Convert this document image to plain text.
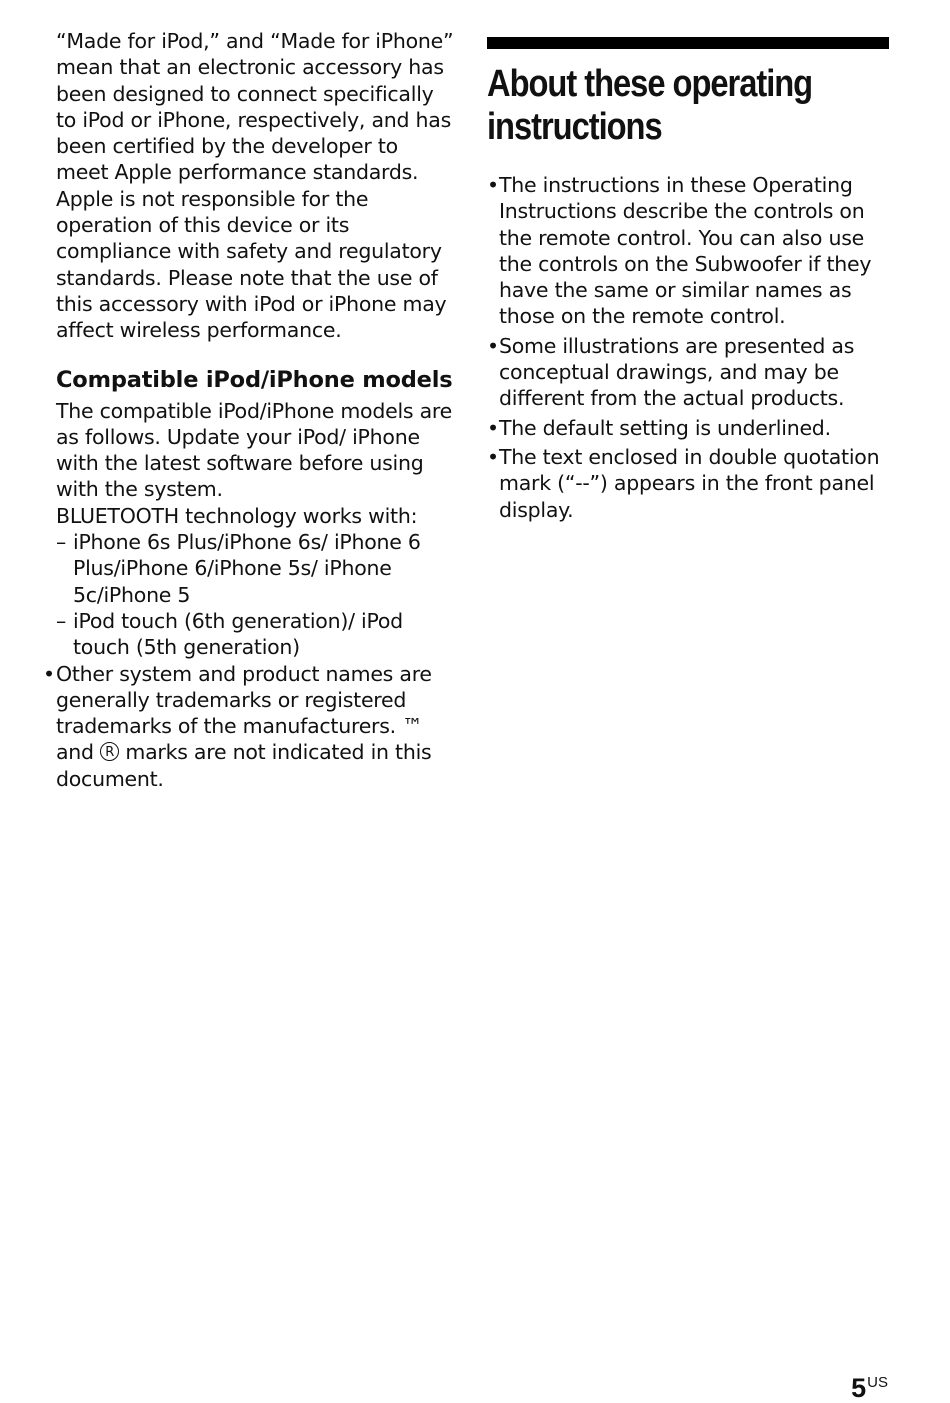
“Made for iPod,” and “Made for iPhone” mean that an electronic accessory has been designed to connect specifically to iPod or iPhone, respectively, and has been certified by the developer to meet Apple performance standards. Apple is not responsible for the operation of this device or its compliance with safety and regulatory standards. Please note that the use of this accessory with iPod or iPhone may affect wireless performance.

Compatible iPod/iPhone models

The compatible iPod/iPhone models are as follows. Update your iPod/ iPhone with the latest software before using with the system.

BLUETOOTH technology works with:

– iPhone 6s Plus/iPhone 6s/ iPhone 6 Plus/iPhone 6/iPhone 5s/ iPhone 5c/iPhone 5
– iPod touch (6th generation)/ iPod touch (5th generation)
• Other system and product names are generally trademarks or registered trademarks of the manufacturers. ™ and R marks are not indicated in this document.
About these operating instructions
• The instructions in these Operating Instructions describe the controls on the remote control. You can also use the controls on the Subwoofer if they have the same or similar names as those on the remote control.
• Some illustrations are presented as conceptual drawings, and may be different from the actual products.
• The default setting is underlined.
• The text enclosed in double quotation mark (“--”) appears in the front panel display.
$5^{US}$
